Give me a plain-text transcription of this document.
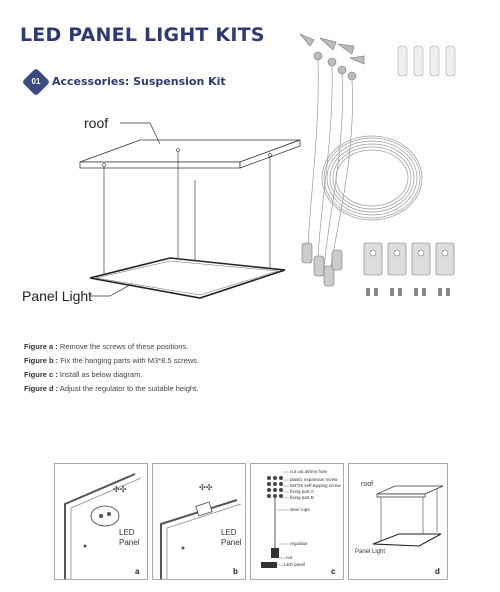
LED PANEL LIGHT KITS
01	Accessories: Suspension Kit
roof
Panel Light
Figure a : Remove the screws of these positions.
Figure b : Fix the hanging parts with M3*8.5 screws.
Figure c : Install as below diagram.
Figure d : Adjust the regulator to the suitable height.
✣✣
LED
Panel
a
✣✣
LED
Panel
b
cut out athmn hole
plastic expansion screw
M4*25 self-tapping screw
fixing part A
fixing part B
steel rope
regulator
nut
LED panel
c
roof
Panel Light
d
